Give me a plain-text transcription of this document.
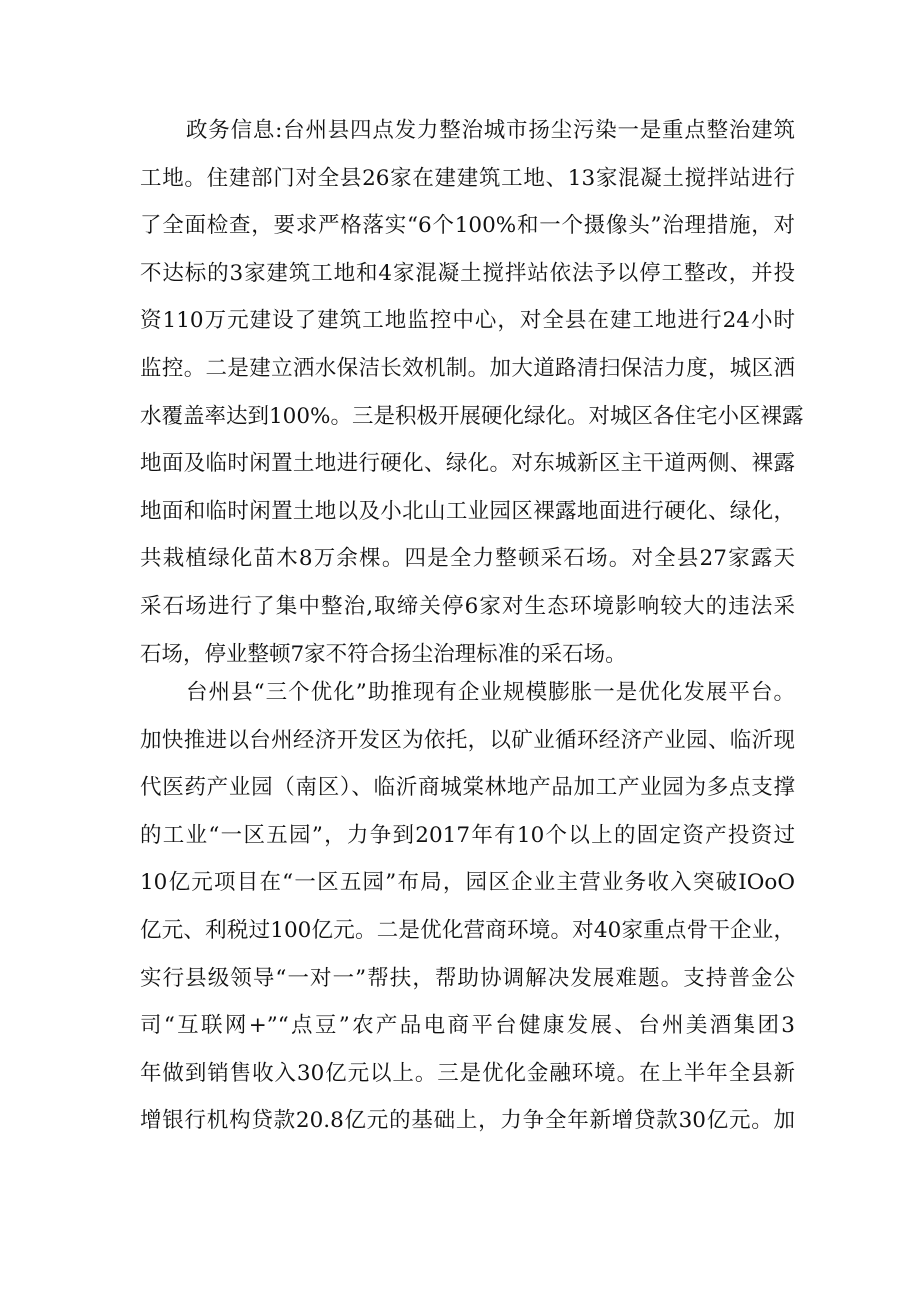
政务信息:台州县四点发力整治城市扬尘污染一是重点整治建筑
工地。住建部门对全县26家在建建筑工地、13家混凝土搅拌站进行
了全面检查，要求严格落实“6个100%和一个摄像头”治理措施，对
不达标的3家建筑工地和4家混凝土搅拌站依法予以停工整改，并投
资110万元建设了建筑工地监控中心，对全县在建工地进行24小时
监控。二是建立洒水保洁长效机制。加大道路清扫保洁力度，城区洒
水覆盖率达到100%。三是积极开展硬化绿化。对城区各住宅小区裸露
地面及临时闲置土地进行硬化、绿化。对东城新区主干道两侧、裸露
地面和临时闲置土地以及小北山工业园区裸露地面进行硬化、绿化，
共栽植绿化苗木8万余棵。四是全力整顿采石场。对全县27家露天
采石场进行了集中整治,取缔关停6家对生态环境影响较大的违法采
石场，停业整顿7家不符合扬尘治理标准的采石场。
台州县“三个优化”助推现有企业规模膨胀一是优化发展平台。
加快推进以台州经济开发区为依托，以矿业循环经济产业园、临沂现
代医药产业园（南区）、临沂商城棠林地产品加工产业园为多点支撑
的工业“一区五园”，力争到2017年有10个以上的固定资产投资过
10亿元项目在“一区五园”布局，园区企业主营业务收入突破IOoO
亿元、利税过100亿元。二是优化营商环境。对40家重点骨干企业，
实行县级领导“一对一”帮扶，帮助协调解决发展难题。支持普金公
司“互联网+”“点豆”农产品电商平台健康发展、台州美酒集团3
年做到销售收入30亿元以上。三是优化金融环境。在上半年全县新
增银行机构贷款20.8亿元的基础上，力争全年新增贷款30亿元。加
